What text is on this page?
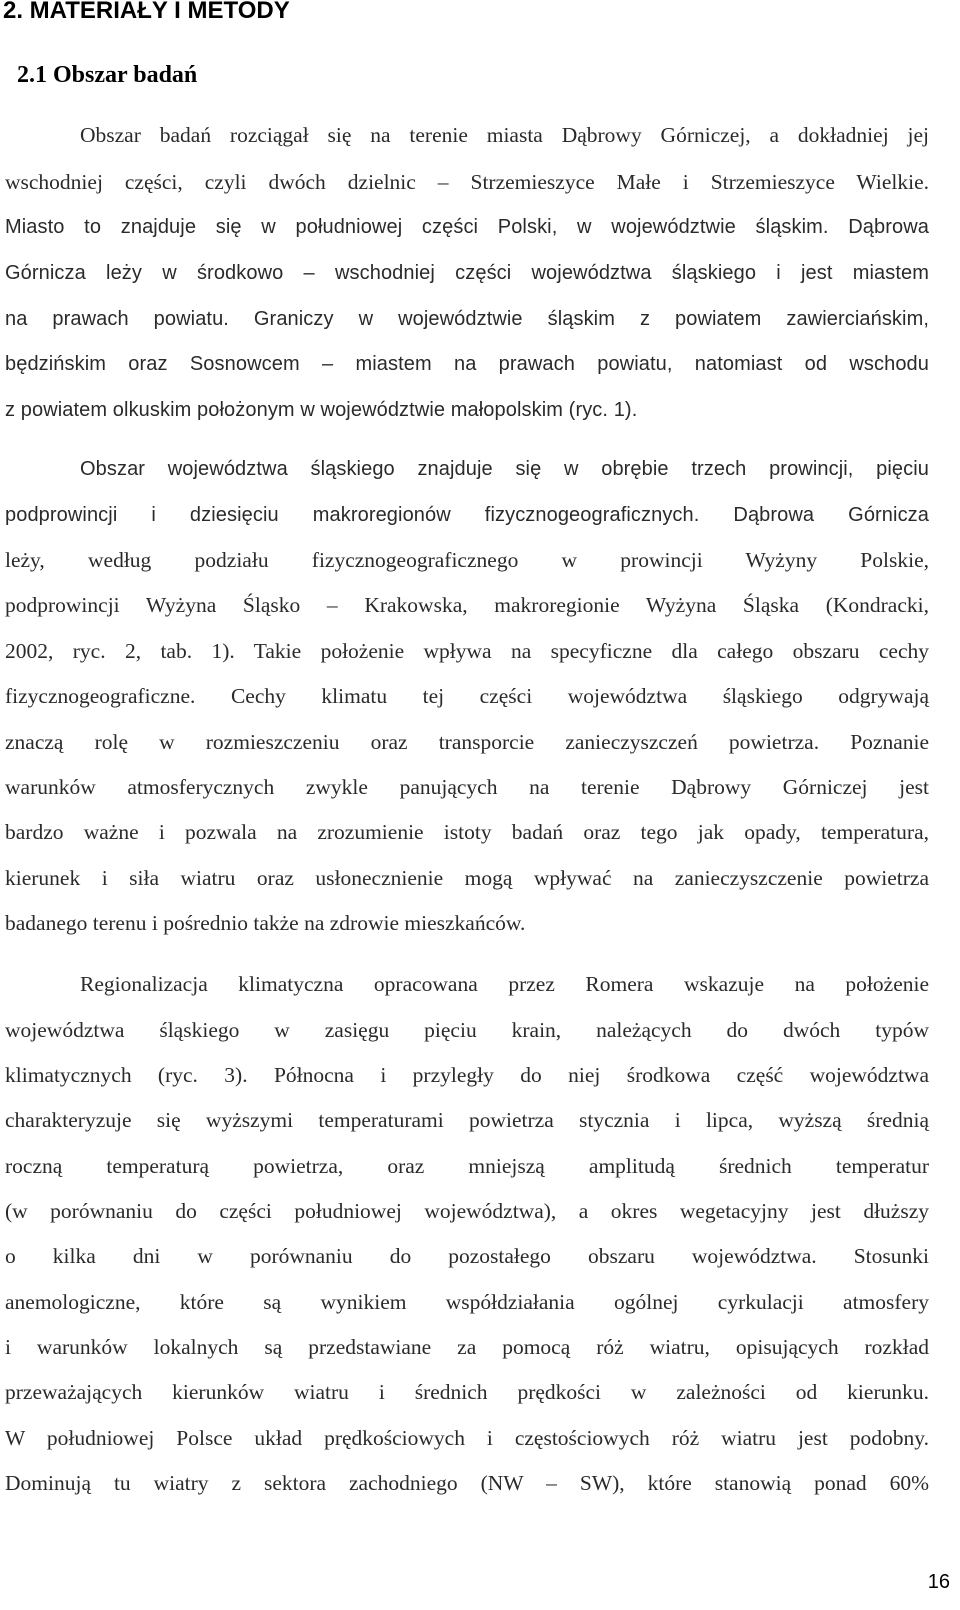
2. MATERIAŁY I METODY
2.1 Obszar badań
Obszar badań rozciągał się na terenie miasta Dąbrowy Górniczej, a dokładniej jej
wschodniej części, czyli dwóch dzielnic – Strzemieszyce Małe i Strzemieszyce Wielkie.
Miasto to znajduje się w południowej części Polski, w województwie śląskim. Dąbrowa
Górnicza leży w środkowo – wschodniej części województwa śląskiego i jest miastem
na prawach powiatu. Graniczy w województwie śląskim z powiatem zawierciańskim,
będzińskim oraz Sosnowcem – miastem na prawach powiatu, natomiast od wschodu
z powiatem olkuskim położonym w województwie małopolskim (ryc. 1).
Obszar województwa śląskiego znajduje się w obrębie trzech prowincji, pięciu
podprowincji i dziesięciu makroregionów fizycznogeograficznych. Dąbrowa Górnicza
leży, według podziału fizycznogeograficznego w prowincji Wyżyny Polskie,
podprowincji Wyżyna Śląsko – Krakowska, makroregionie Wyżyna Śląska (Kondracki,
2002, ryc. 2, tab. 1). Takie położenie wpływa na specyficzne dla całego obszaru cechy
fizycznogeograficzne. Cechy klimatu tej części województwa śląskiego odgrywają
znaczą rolę w rozmieszczeniu oraz transporcie zanieczyszczeń powietrza. Poznanie
warunków atmosferycznych zwykle panujących na terenie Dąbrowy Górniczej jest
bardzo ważne i pozwala na zrozumienie istoty badań oraz tego jak opady, temperatura,
kierunek i siła wiatru oraz usłonecznienie mogą wpływać na zanieczyszczenie powietrza
badanego terenu i pośrednio także na zdrowie mieszkańców.
Regionalizacja klimatyczna opracowana przez Romera wskazuje na położenie
województwa śląskiego w zasięgu pięciu krain, należących do dwóch typów
klimatycznych (ryc. 3). Północna i przyległy do niej środkowa część województwa
charakteryzuje się wyższymi temperaturami powietrza stycznia i lipca, wyższą średnią
roczną temperaturą powietrza, oraz mniejszą amplitudą średnich temperatur
(w porównaniu do części południowej województwa), a okres wegetacyjny jest dłuższy
o kilka dni w porównaniu do pozostałego obszaru województwa. Stosunki
anemologiczne, które są wynikiem współdziałania ogólnej cyrkulacji atmosfery
i warunków lokalnych są przedstawiane za pomocą róż wiatru, opisujących rozkład
przeważających kierunków wiatru i średnich prędkości w zależności od kierunku.
W południowej Polsce układ prędkościowych i częstościowych róż wiatru jest podobny.
Dominują tu wiatry z sektora zachodniego (NW – SW), które stanowią ponad 60%
16
